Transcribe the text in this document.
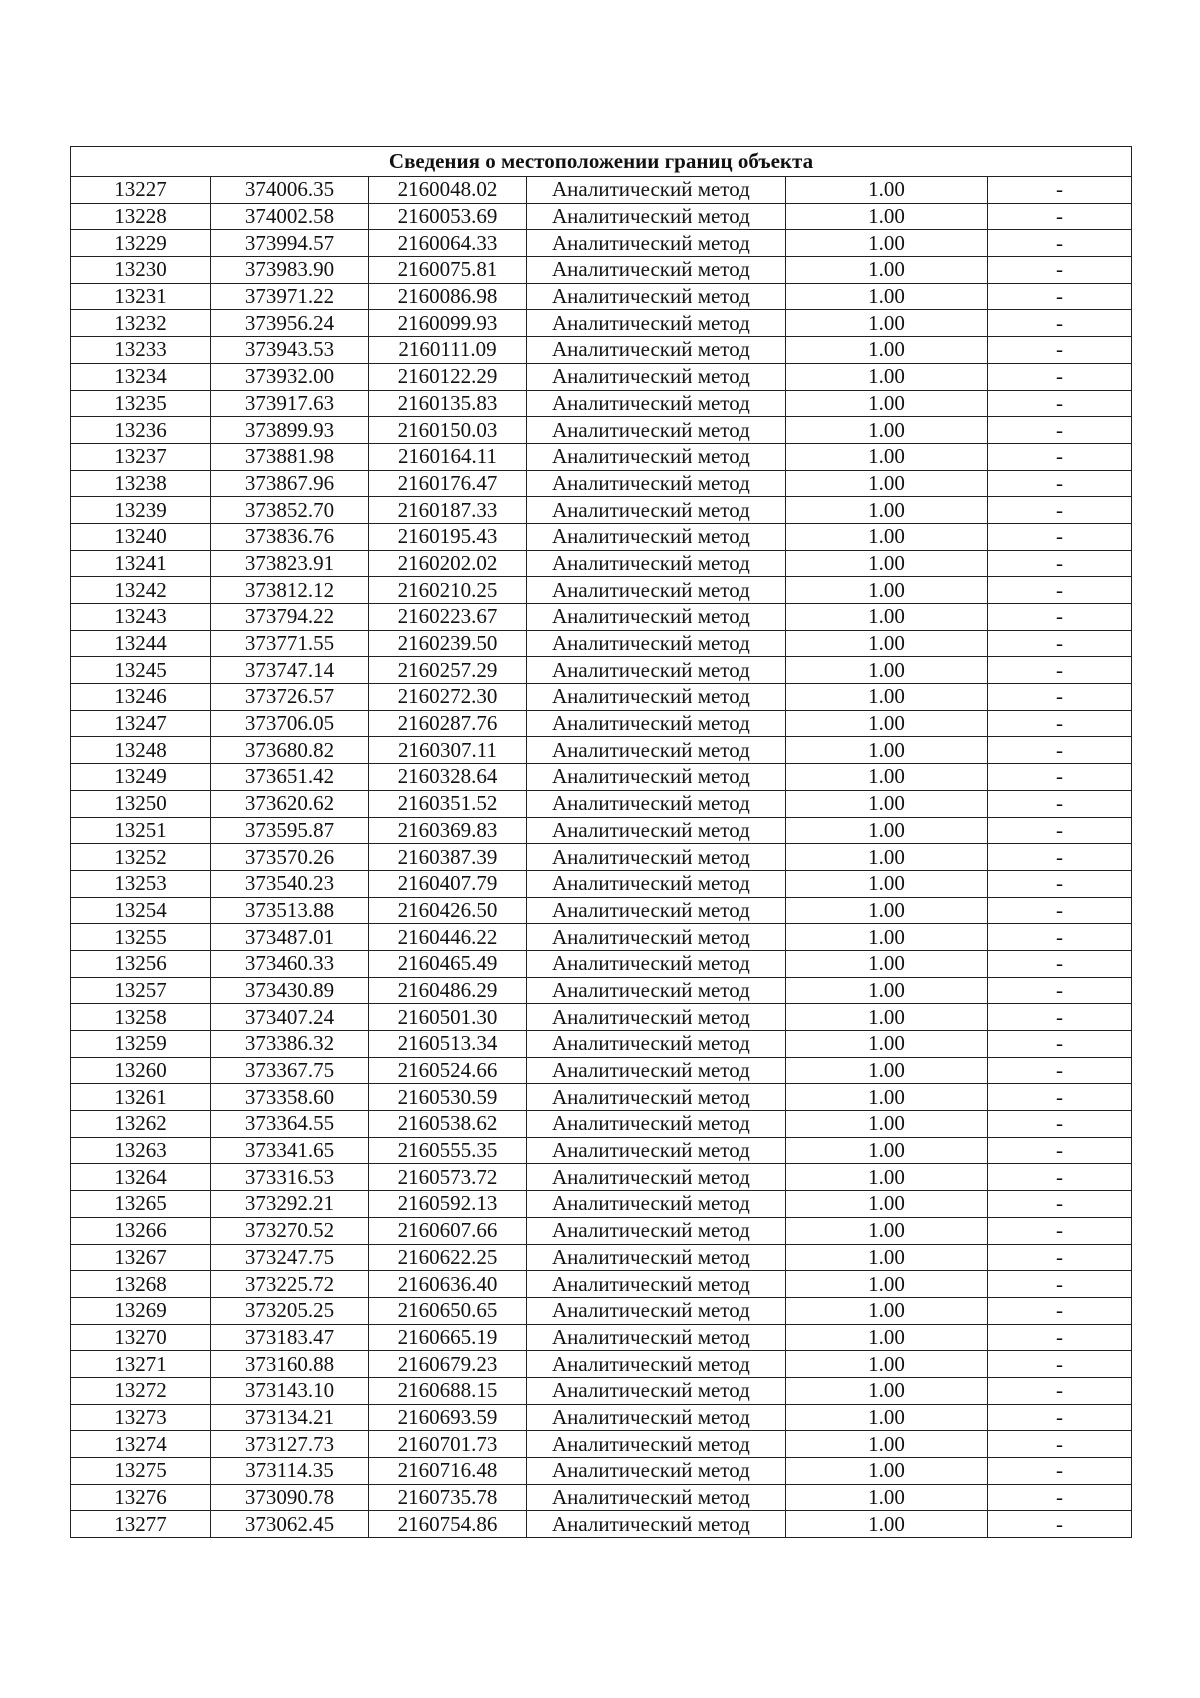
Сведения о местоположении границ объекта					
13227	374006.35	2160048.02	Аналитический метод	1.00	-
13228	374002.58	2160053.69	Аналитический метод	1.00	-
13229	373994.57	2160064.33	Аналитический метод	1.00	-
13230	373983.90	2160075.81	Аналитический метод	1.00	-
13231	373971.22	2160086.98	Аналитический метод	1.00	-
13232	373956.24	2160099.93	Аналитический метод	1.00	-
13233	373943.53	2160111.09	Аналитический метод	1.00	-
13234	373932.00	2160122.29	Аналитический метод	1.00	-
13235	373917.63	2160135.83	Аналитический метод	1.00	-
13236	373899.93	2160150.03	Аналитический метод	1.00	-
13237	373881.98	2160164.11	Аналитический метод	1.00	-
13238	373867.96	2160176.47	Аналитический метод	1.00	-
13239	373852.70	2160187.33	Аналитический метод	1.00	-
13240	373836.76	2160195.43	Аналитический метод	1.00	-
13241	373823.91	2160202.02	Аналитический метод	1.00	-
13242	373812.12	2160210.25	Аналитический метод	1.00	-
13243	373794.22	2160223.67	Аналитический метод	1.00	-
13244	373771.55	2160239.50	Аналитический метод	1.00	-
13245	373747.14	2160257.29	Аналитический метод	1.00	-
13246	373726.57	2160272.30	Аналитический метод	1.00	-
13247	373706.05	2160287.76	Аналитический метод	1.00	-
13248	373680.82	2160307.11	Аналитический метод	1.00	-
13249	373651.42	2160328.64	Аналитический метод	1.00	-
13250	373620.62	2160351.52	Аналитический метод	1.00	-
13251	373595.87	2160369.83	Аналитический метод	1.00	-
13252	373570.26	2160387.39	Аналитический метод	1.00	-
13253	373540.23	2160407.79	Аналитический метод	1.00	-
13254	373513.88	2160426.50	Аналитический метод	1.00	-
13255	373487.01	2160446.22	Аналитический метод	1.00	-
13256	373460.33	2160465.49	Аналитический метод	1.00	-
13257	373430.89	2160486.29	Аналитический метод	1.00	-
13258	373407.24	2160501.30	Аналитический метод	1.00	-
13259	373386.32	2160513.34	Аналитический метод	1.00	-
13260	373367.75	2160524.66	Аналитический метод	1.00	-
13261	373358.60	2160530.59	Аналитический метод	1.00	-
13262	373364.55	2160538.62	Аналитический метод	1.00	-
13263	373341.65	2160555.35	Аналитический метод	1.00	-
13264	373316.53	2160573.72	Аналитический метод	1.00	-
13265	373292.21	2160592.13	Аналитический метод	1.00	-
13266	373270.52	2160607.66	Аналитический метод	1.00	-
13267	373247.75	2160622.25	Аналитический метод	1.00	-
13268	373225.72	2160636.40	Аналитический метод	1.00	-
13269	373205.25	2160650.65	Аналитический метод	1.00	-
13270	373183.47	2160665.19	Аналитический метод	1.00	-
13271	373160.88	2160679.23	Аналитический метод	1.00	-
13272	373143.10	2160688.15	Аналитический метод	1.00	-
13273	373134.21	2160693.59	Аналитический метод	1.00	-
13274	373127.73	2160701.73	Аналитический метод	1.00	-
13275	373114.35	2160716.48	Аналитический метод	1.00	-
13276	373090.78	2160735.78	Аналитический метод	1.00	-
13277	373062.45	2160754.86	Аналитический метод	1.00	-
